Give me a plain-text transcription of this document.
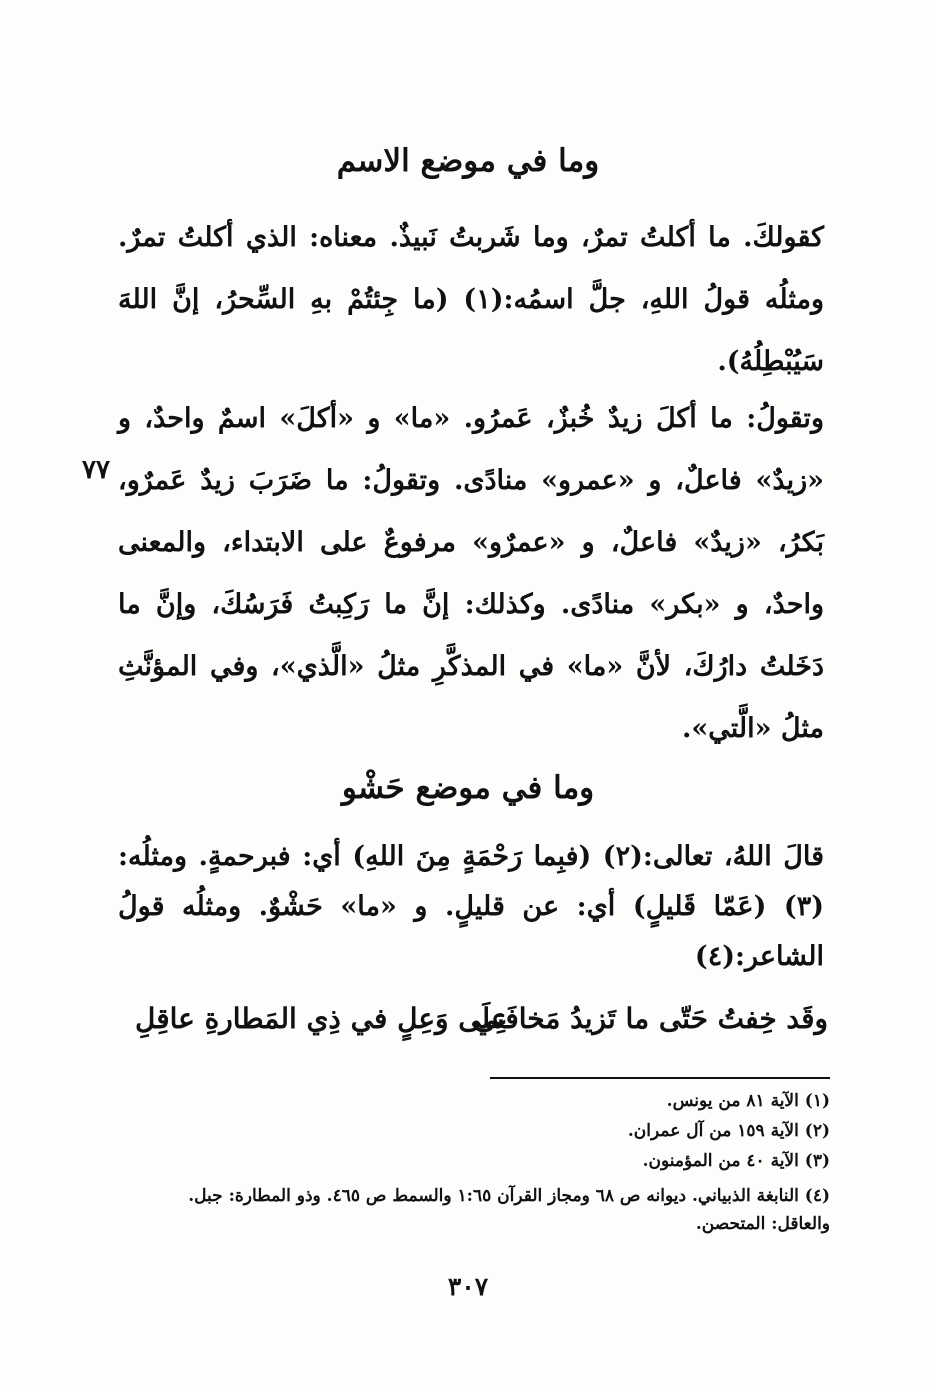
وما في موضع الاسم
كقولكَ. ما أكلتُ تمرٌ، وما شَربتُ نَبيذٌ. معناه: الذي أكلتُ تمرٌ. ومثلُه قولُ اللهِ، جلَّ اسمُه:(١) (ما جِئتُمْ بهِ السِّحرُ، إنَّ اللهَ سَيُبْطِلُهُ).
وتقولُ: ما أكلَ زيدٌ خُبزٌ، عَمرُو. «ما» و «أكلَ» اسمٌ واحدٌ، و «زيدٌ» فاعلٌ، و «عمرو» منادًى. وتقولُ: ما ضَرَبَ زيدٌ عَمرٌو، بَكرُ، «زيدٌ» فاعلٌ، و «عمرٌو» مرفوعٌ على الابتداء، والمعنى واحدٌ، و «بكر» منادًى. وكذلك: إنَّ ما رَكِبتُ فَرَسُكَ، وإنَّ ما دَخَلتُ دارُكَ، لأنَّ «ما» في المذكَّرِ مثلُ «الَّذي»، وفي المؤنَّثِ مثلُ «الَّتي».
٧٧
وما في موضع حَشْو
قالَ اللهُ، تعالى:(٢) (فبِما رَحْمَةٍ مِنَ اللهِ) أي: فبرحمةٍ. ومثلُه:(٣) (عَمّا قَليلٍ) أي: عن قليلٍ. و «ما» حَشْوٌ. ومثلُه قولُ الشاعر:(٤)
وقَد خِفتُ حَتّى ما تَزيدُ مَخافَتِي
علَى وَعِلٍ في ذِي المَطارةِ عاقِلِ
(١) الآية ٨١ من يونس.
(٢) الآية ١٥٩ من آل عمران.
(٣) الآية ٤٠ من المؤمنون.
(٤) النابغة الذبياني. ديوانه ص ٦٨ ومجاز القرآن ١:٦٥ والسمط ص ٤٦٥. وذو المطارة: جبل. والعاقل: المتحصن.
٣٠٧
